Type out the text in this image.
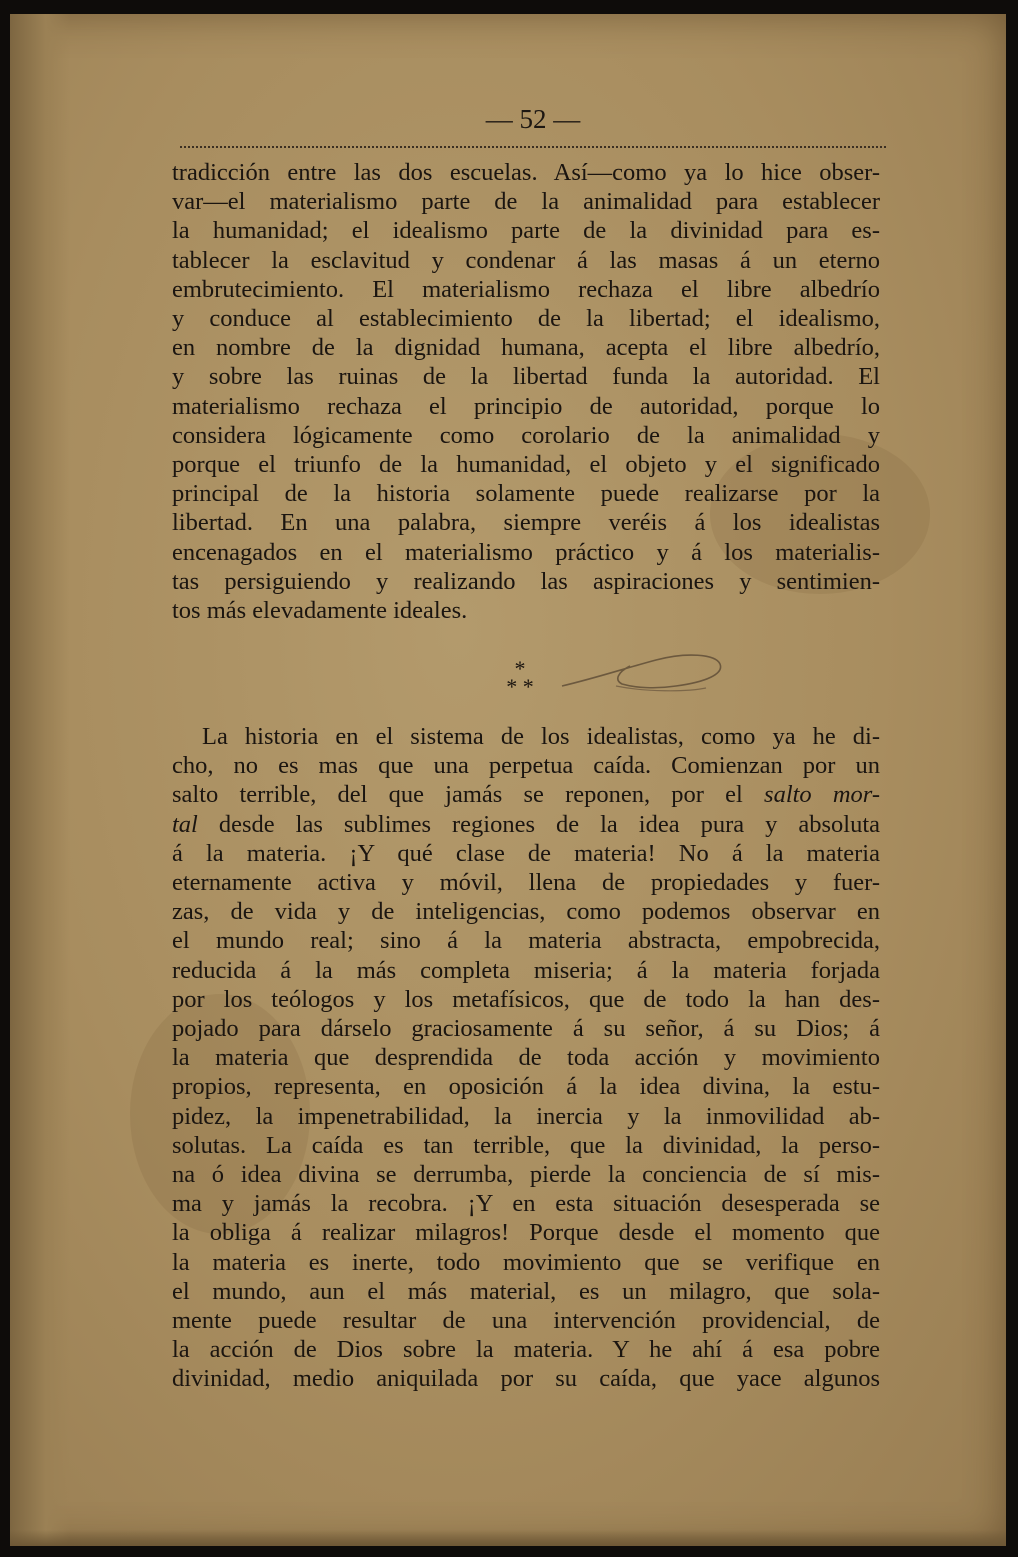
— 52 —
tradicción entre las dos escuelas. Así—como ya lo hice obser-
var—el materialismo parte de la animalidad para establecer
la humanidad; el idealismo parte de la divinidad para es-
tablecer la esclavitud y condenar á las masas á un eterno
embrutecimiento. El materialismo rechaza el libre albedrío
y conduce al establecimiento de la libertad; el idealismo,
en nombre de la dignidad humana, acepta el libre albedrío,
y sobre las ruinas de la libertad funda la autoridad. El
materialismo rechaza el principio de autoridad, porque lo
considera lógicamente como corolario de la animalidad y
porque el triunfo de la humanidad, el objeto y el significado
principal de la historia solamente puede realizarse por la
libertad. En una palabra, siempre veréis á los idealistas
encenagados en el materialismo práctico y á los materialis-
tas persiguiendo y realizando las aspiraciones y sentimien-
tos más elevadamente ideales.
*
* *
La historia en el sistema de los idealistas, como ya he di-
cho, no es mas que una perpetua caída. Comienzan por un
salto terrible, del que jamás se reponen, por el salto mor-
tal desde las sublimes regiones de la idea pura y absoluta
á la materia. ¡Y qué clase de materia! No á la materia
eternamente activa y móvil, llena de propiedades y fuer-
zas, de vida y de inteligencias, como podemos observar en
el mundo real; sino á la materia abstracta, empobrecida,
reducida á la más completa miseria; á la materia forjada
por los teólogos y los metafísicos, que de todo la han des-
pojado para dárselo graciosamente á su señor, á su Dios; á
la materia que desprendida de toda acción y movimiento
propios, representa, en oposición á la idea divina, la estu-
pidez, la impenetrabilidad, la inercia y la inmovilidad ab-
solutas. La caída es tan terrible, que la divinidad, la perso-
na ó idea divina se derrumba, pierde la conciencia de sí mis-
ma y jamás la recobra. ¡Y en esta situación desesperada se
la obliga á realizar milagros! Porque desde el momento que
la materia es inerte, todo movimiento que se verifique en
el mundo, aun el más material, es un milagro, que sola-
mente puede resultar de una intervención providencial, de
la acción de Dios sobre la materia. Y he ahí á esa pobre
divinidad, medio aniquilada por su caída, que yace algunos
